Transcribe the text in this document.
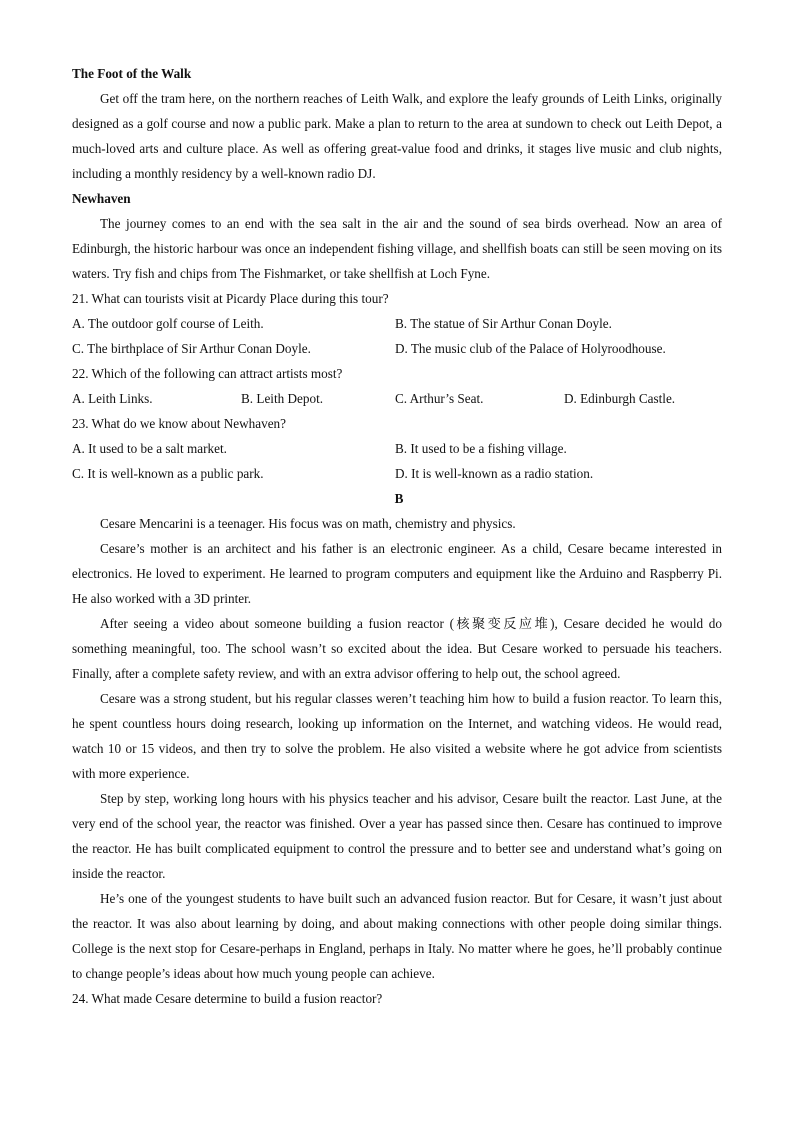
The Foot of the Walk

Get off the tram here, on the northern reaches of Leith Walk, and explore the leafy grounds of Leith Links, originally designed as a golf course and now a public park. Make a plan to return to the area at sundown to check out Leith Depot, a much-loved arts and culture place. As well as offering great-value food and drinks, it stages live music and club nights, including a monthly residency by a well-known radio DJ.

Newhaven

The journey comes to an end with the sea salt in the air and the sound of sea birds overhead. Now an area of Edinburgh, the historic harbour was once an independent fishing village, and shellfish boats can still be seen moving on its waters. Try fish and chips from The Fishmarket, or take shellfish at Loch Fyne.

21. What can tourists visit at Picardy Place during this tour?

A. The outdoor golf course of Leith.	B. The statue of Sir Arthur Conan Doyle.
C. The birthplace of Sir Arthur Conan Doyle.	D. The music club of the Palace of Holyroodhouse.

22. Which of the following can attract artists most?

A. Leith Links.	B. Leith Depot.	C. Arthur’s Seat.	D. Edinburgh Castle.

23. What do we know about Newhaven?

A. It used to be a salt market.	B. It used to be a fishing village.
C. It is well-known as a public park.	D. It is well-known as a radio station.

B

Cesare Mencarini is a teenager. His focus was on math, chemistry and physics.

Cesare’s mother is an architect and his father is an electronic engineer. As a child, Cesare became interested in electronics. He loved to experiment. He learned to program computers and equipment like the Arduino and Raspberry Pi. He also worked with a 3D printer.

After seeing a video about someone building a fusion reactor (核聚变反应堆), Cesare decided he would do something meaningful, too. The school wasn’t so excited about the idea. But Cesare worked to persuade his teachers. Finally, after a complete safety review, and with an extra advisor offering to help out, the school agreed.

Cesare was a strong student, but his regular classes weren’t teaching him how to build a fusion reactor. To learn this, he spent countless hours doing research, looking up information on the Internet, and watching videos. He would read, watch 10 or 15 videos, and then try to solve the problem. He also visited a website where he got advice from scientists with more experience.

Step by step, working long hours with his physics teacher and his advisor, Cesare built the reactor. Last June, at the very end of the school year, the reactor was finished. Over a year has passed since then. Cesare has continued to improve the reactor. He has built complicated equipment to control the pressure and to better see and understand what’s going on inside the reactor.

He’s one of the youngest students to have built such an advanced fusion reactor. But for Cesare, it wasn’t just about the reactor. It was also about learning by doing, and about making connections with other people doing similar things. College is the next stop for Cesare-perhaps in England, perhaps in Italy. No matter where he goes, he’ll probably continue to change people’s ideas about how much young people can achieve.

24. What made Cesare determine to build a fusion reactor?
